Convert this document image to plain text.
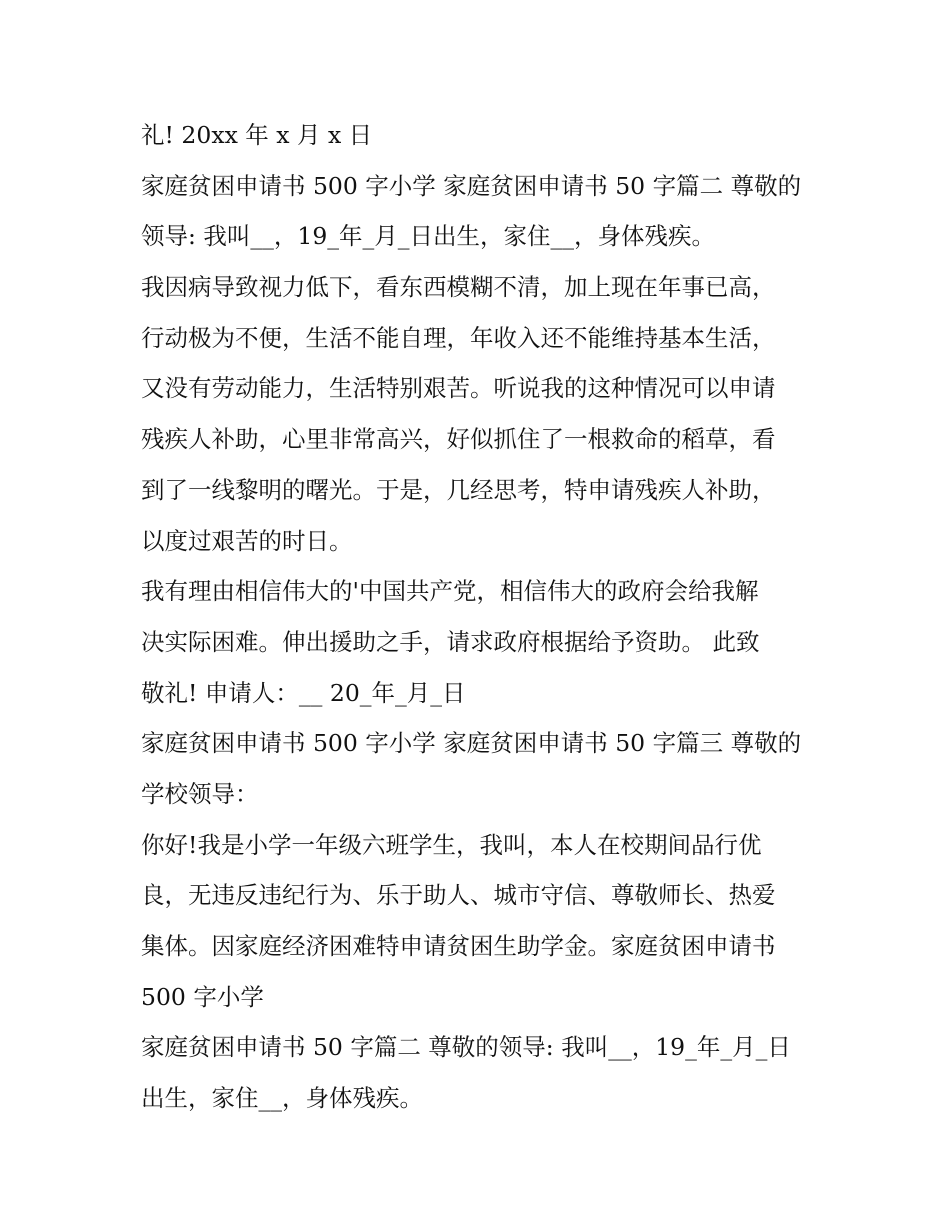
礼! 20xx 年 x 月 x 日
家庭贫困申请书 500 字小学 家庭贫困申请书 50 字篇二 尊敬的
领导: 我叫__，19_年_月_日出生，家住__，身体残疾。
我因病导致视力低下，看东西模糊不清，加上现在年事已高，
行动极为不便，生活不能自理，年收入还不能维持基本生活，
又没有劳动能力，生活特别艰苦。听说我的这种情况可以申请
残疾人补助，心里非常高兴，好似抓住了一根救命的稻草，看
到了一线黎明的曙光。于是，几经思考，特申请残疾人补助，
以度过艰苦的时日。
我有理由相信伟大的'中国共产党，相信伟大的政府会给我解
决实际困难。伸出援助之手，请求政府根据给予资助。 此致
敬礼! 申请人：__ 20_年_月_日
家庭贫困申请书 500 字小学 家庭贫困申请书 50 字篇三 尊敬的
学校领导：
你好!我是小学一年级六班学生，我叫，本人在校期间品行优
良，无违反违纪行为、乐于助人、城市守信、尊敬师长、热爱
集体。因家庭经济困难特申请贫困生助学金。家庭贫困申请书
500 字小学
家庭贫困申请书 50 字篇二 尊敬的领导: 我叫__，19_年_月_日
出生，家住__，身体残疾。
